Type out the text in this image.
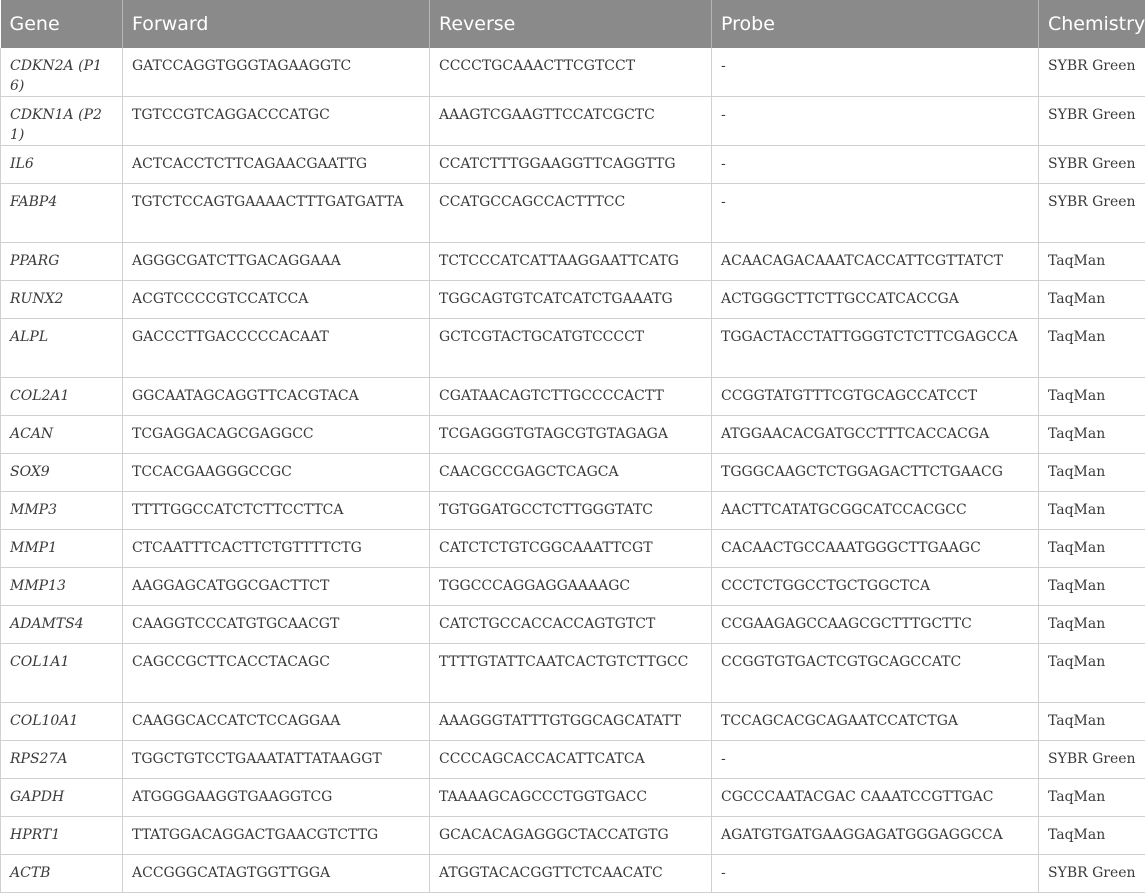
Gene	Forward	Reverse	Probe	Chemistry
CDKN2A (P16)	GATCCAGGTGGGTAGAAGGTC	CCCCTGCAAACTTCGTCCT	-	SYBR Green
CDKN1A (P21)	TGTCCGTCAGGACCCATGC	AAAGTCGAAGTTCCATCGCTC	-	SYBR Green
IL6	ACTCACCTCTTCAGAACGAATTG	CCATCTTTGGAAGGTTCAGGTTG	-	SYBR Green
FABP4	TGTCTCCAGTGAAAACTTTGATGATTA	CCATGCCAGCCACTTTCC	-	SYBR Green
PPARG	AGGGCGATCTTGACAGGAAA	TCTCCCATCATTAAGGAATTCATG	ACAACAGACAAATCACCATTCGTTATCT	TaqMan
RUNX2	ACGTCCCCGTCCATCCA	TGGCAGTGTCATCATCTGAAATG	ACTGGGCTTCTTGCCATCACCGA	TaqMan
ALPL	GACCCTTGACCCCCACAAT	GCTCGTACTGCATGTCCCCT	TGGACTACCTATTGGGTCTCTTCGAGCCA	TaqMan
COL2A1	GGCAATAGCAGGTTCACGTACA	CGATAACAGTCTTGCCCCACTT	CCGGTATGTTTCGTGCAGCCATCCT	TaqMan
ACAN	TCGAGGACAGCGAGGCC	TCGAGGGTGTAGCGTGTAGAGA	ATGGAACACGATGCCTTTCACCACGA	TaqMan
SOX9	TCCACGAAGGGCCGC	CAACGCCGAGCTCAGCA	TGGGCAAGCTCTGGAGACTTCTGAACG	TaqMan
MMP3	TTTTGGCCATCTCTTCCTTCA	TGTGGATGCCTCTTGGGTATC	AACTTCATATGCGGCATCCACGCC	TaqMan
MMP1	CTCAATTTCACTTCTGTTTTCTG	CATCTCTGTCGGCAAATTCGT	CACAACTGCCAAATGGGCTTGAAGC	TaqMan
MMP13	AAGGAGCATGGCGACTTCT	TGGCCCAGGAGGAAAAGC	CCCTCTGGCCTGCTGGCTCA	TaqMan
ADAMTS4	CAAGGTCCCATGTGCAACGT	CATCTGCCACCACCAGTGTCT	CCGAAGAGCCAAGCGCTTTGCTTC	TaqMan
COL1A1	CAGCCGCTTCACCTACAGC	TTTTGTATTCAATCACTGTCTTGCC	CCGGTGTGACTCGTGCAGCCATC	TaqMan
COL10A1	CAAGGCACCATCTCCAGGAA	AAAGGGTATTTGTGGCAGCATATT	TCCAGCACGCAGAATCCATCTGA	TaqMan
RPS27A	TGGCTGTCCTGAAATATTATAAGGT	CCCCAGCACCACATTCATCA	-	SYBR Green
GAPDH	ATGGGGAAGGTGAAGGTCG	TAAAAGCAGCCCTGGTGACC	CGCCCAATACGAC CAAATCCGTTGAC	TaqMan
HPRT1	TTATGGACAGGACTGAACGTCTTG	GCACACAGAGGGCTACCATGTG	AGATGTGATGAAGGAGATGGGAGGCCA	TaqMan
ACTB	ACCGGGCATAGTGGTTGGA	ATGGTACACGGTTCTCAACATC	-	SYBR Green
